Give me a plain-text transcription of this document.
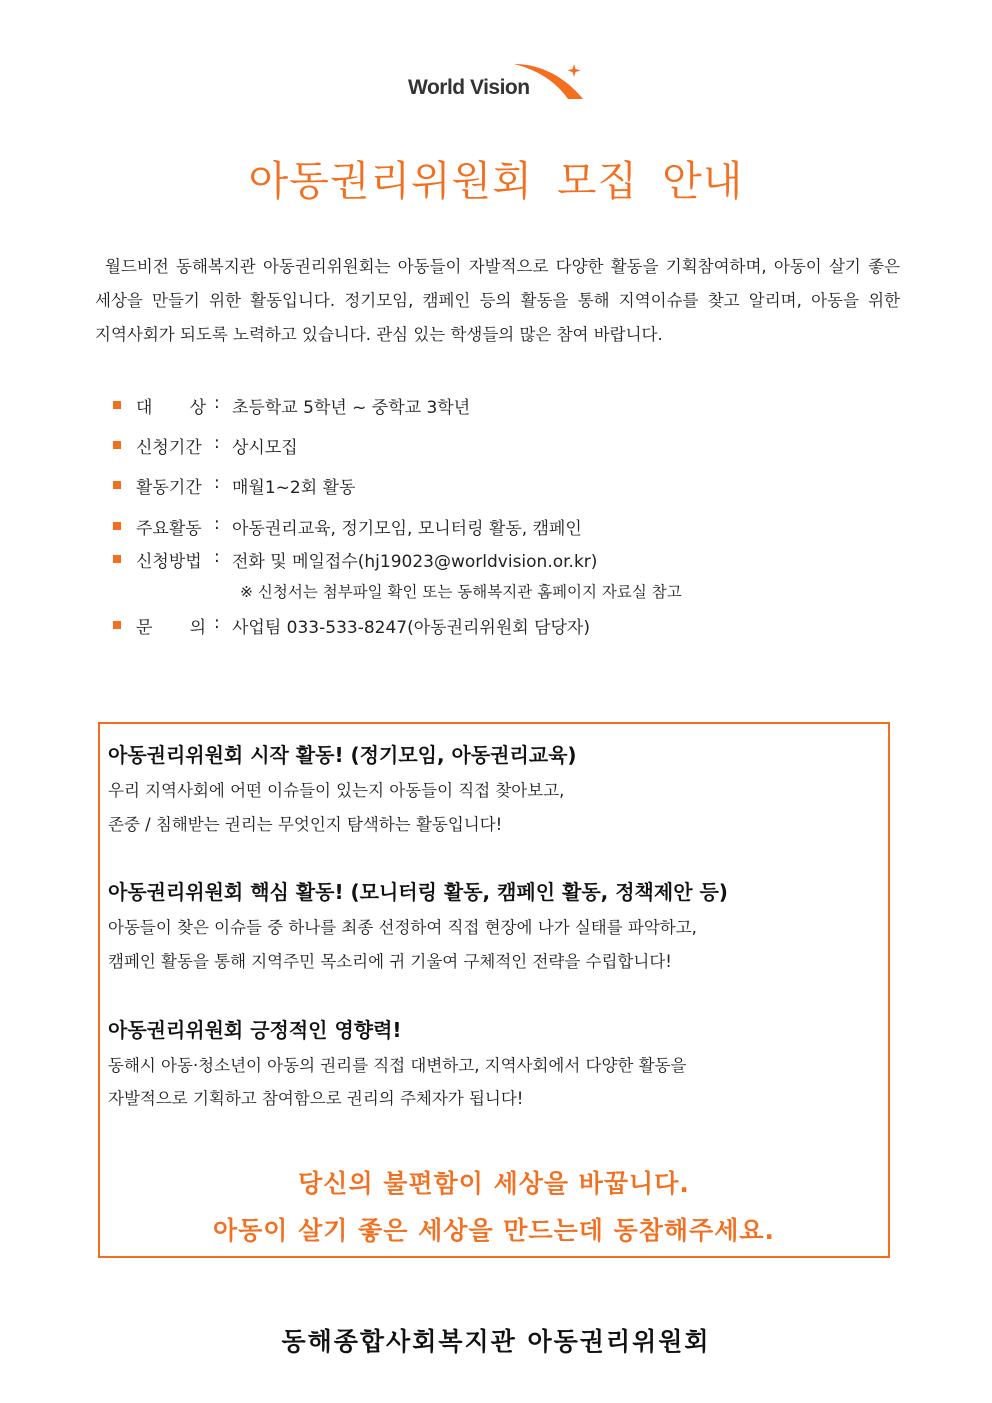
World Vision
아동권리위원회 모집 안내

월드비전 동해복지관 아동권리위원회는 아동들이 자발적으로 다양한 활동을 기획참여하며, 아동이 살기 좋은 세상을 만들기 위한 활동입니다. 정기모임, 캠페인 등의 활동을 통해 지역이슈를 찾고 알리며, 아동을 위한 지역사회가 되도록 노력하고 있습니다. 관심 있는 학생들의 많은 참여 바랍니다.

대 상 : 초등학교 5학년 ~ 중학교 3학년
신청기간 : 상시모집
활동기간 : 매월1~2회 활동
주요활동 : 아동권리교육, 정기모임, 모니터링 활동, 캠페인
신청방법 : 전화 및 메일접수(hj19023@worldvision.or.kr)
※ 신청서는 첨부파일 확인 또는 동해복지관 홈페이지 자료실 참고
문 의 : 사업팀 033-533-8247(아동권리위원회 담당자)
아동권리위원회 시작 활동! (정기모임, 아동권리교육)
우리 지역사회에 어떤 이슈들이 있는지 아동들이 직접 찾아보고,
존중 / 침해받는 권리는 무엇인지 탐색하는 활동입니다!
아동권리위원회 핵심 활동! (모니터링 활동, 캠페인 활동, 정책제안 등)
아동들이 찾은 이슈들 중 하나를 최종 선정하여 직접 현장에 나가 실태를 파악하고,
캠페인 활동을 통해 지역주민 목소리에 귀 기울여 구체적인 전략을 수립합니다!
아동권리위원회 긍정적인 영향력!
동해시 아동·청소년이 아동의 권리를 직접 대변하고, 지역사회에서 다양한 활동을
자발적으로 기획하고 참여함으로 권리의 주체자가 됩니다!
당신의 불편함이 세상을 바꿉니다.
아동이 살기 좋은 세상을 만드는데 동참해주세요.
동해종합사회복지관 아동권리위원회
